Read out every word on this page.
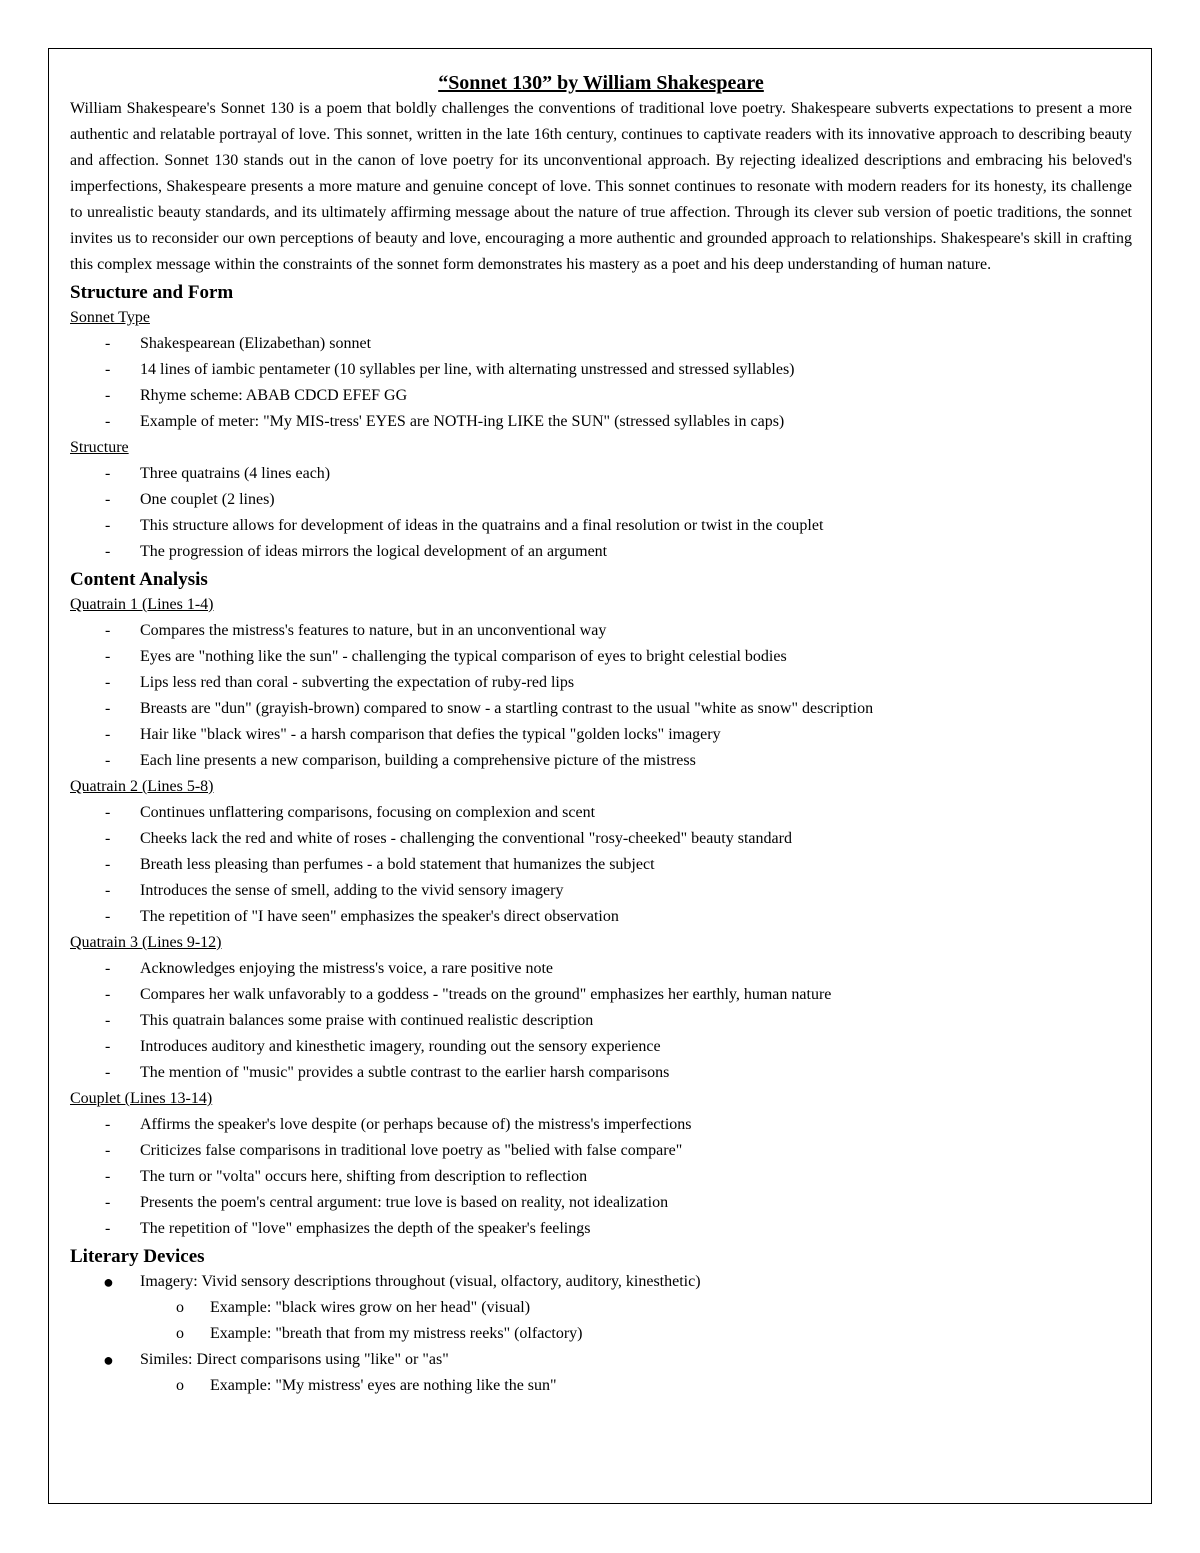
“Sonnet 130” by William Shakespeare

William Shakespeare's Sonnet 130 is a poem that boldly challenges the conventions of traditional love poetry. Shakespeare subverts expectations to present a more authentic and relatable portrayal of love. This sonnet, written in the late 16th century, continues to captivate readers with its innovative approach to describing beauty and affection. Sonnet 130 stands out in the canon of love poetry for its unconventional approach. By rejecting idealized descriptions and embracing his beloved's imperfections, Shakespeare presents a more mature and genuine concept of love. This sonnet continues to resonate with modern readers for its honesty, its challenge to unrealistic beauty standards, and its ultimately affirming message about the nature of true affection. Through its clever sub version of poetic traditions, the sonnet invites us to reconsider our own perceptions of beauty and love, encouraging a more authentic and grounded approach to relationships. Shakespeare's skill in crafting this complex message within the constraints of the sonnet form demonstrates his mastery as a poet and his deep understanding of human nature.

Structure and Form
Sonnet Type
- Shakespearean (Elizabethan) sonnet
- 14 lines of iambic pentameter (10 syllables per line, with alternating unstressed and stressed syllables)
- Rhyme scheme: ABAB CDCD EFEF GG
- Example of meter: "My MIS-tress' EYES are NOTH-ing LIKE the SUN" (stressed syllables in caps)
Structure
- Three quatrains (4 lines each)
- One couplet (2 lines)
- This structure allows for development of ideas in the quatrains and a final resolution or twist in the couplet
- The progression of ideas mirrors the logical development of an argument
Content Analysis
Quatrain 1 (Lines 1-4)
- Compares the mistress's features to nature, but in an unconventional way
- Eyes are "nothing like the sun" - challenging the typical comparison of eyes to bright celestial bodies
- Lips less red than coral - subverting the expectation of ruby-red lips
- Breasts are "dun" (grayish-brown) compared to snow - a startling contrast to the usual "white as snow" description
- Hair like "black wires" - a harsh comparison that defies the typical "golden locks" imagery
- Each line presents a new comparison, building a comprehensive picture of the mistress
Quatrain 2 (Lines 5-8)
- Continues unflattering comparisons, focusing on complexion and scent
- Cheeks lack the red and white of roses - challenging the conventional "rosy-cheeked" beauty standard
- Breath less pleasing than perfumes - a bold statement that humanizes the subject
- Introduces the sense of smell, adding to the vivid sensory imagery
- The repetition of "I have seen" emphasizes the speaker's direct observation
Quatrain 3 (Lines 9-12)
- Acknowledges enjoying the mistress's voice, a rare positive note
- Compares her walk unfavorably to a goddess - "treads on the ground" emphasizes her earthly, human nature
- This quatrain balances some praise with continued realistic description
- Introduces auditory and kinesthetic imagery, rounding out the sensory experience
- The mention of "music" provides a subtle contrast to the earlier harsh comparisons
Couplet (Lines 13-14)
- Affirms the speaker's love despite (or perhaps because of) the mistress's imperfections
- Criticizes false comparisons in traditional love poetry as "belied with false compare"
- The turn or "volta" occurs here, shifting from description to reflection
- Presents the poem's central argument: true love is based on reality, not idealization
- The repetition of "love" emphasizes the depth of the speaker's feelings
Literary Devices
● Imagery: Vivid sensory descriptions throughout (visual, olfactory, auditory, kinesthetic)
o Example: "black wires grow on her head" (visual)
o Example: "breath that from my mistress reeks" (olfactory)
● Similes: Direct comparisons using "like" or "as"
o Example: "My mistress' eyes are nothing like the sun"
